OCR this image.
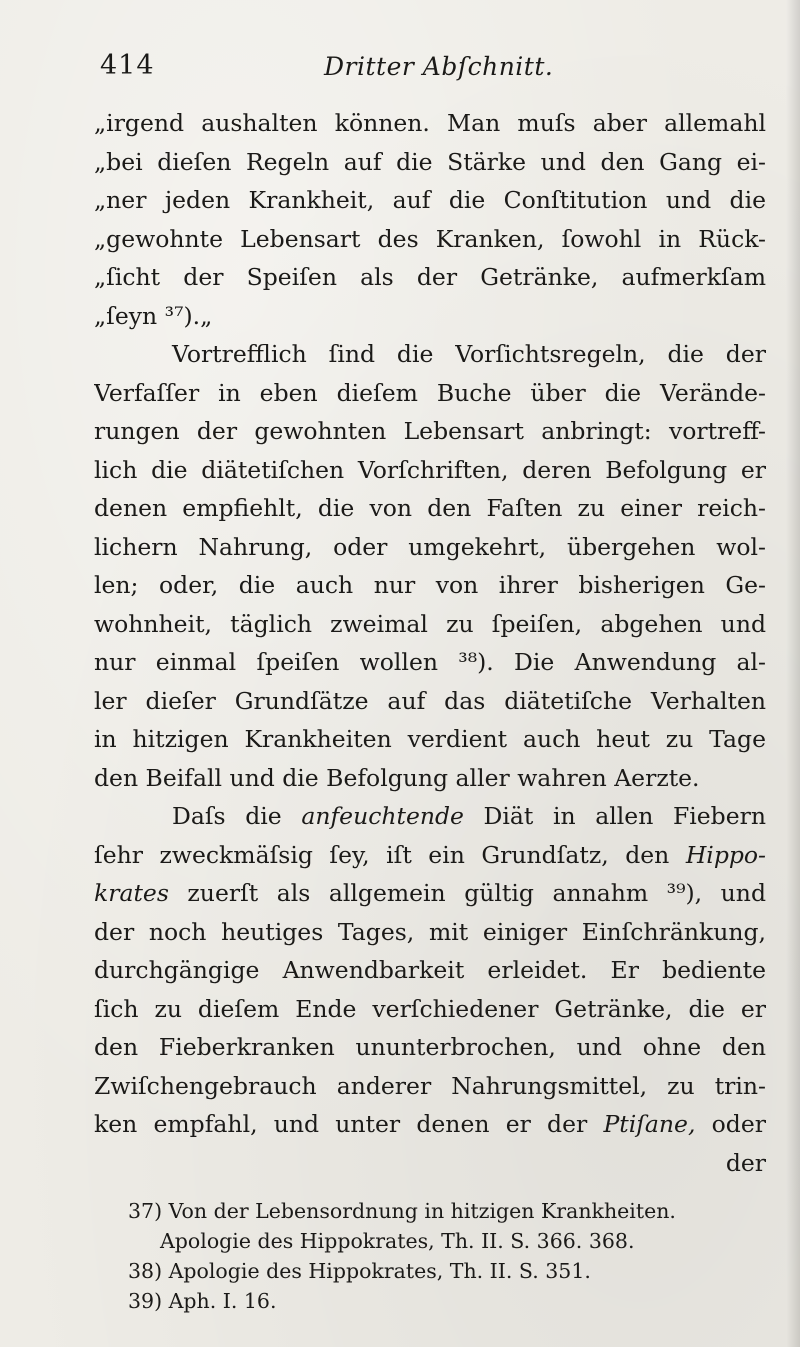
414	Dritter Abſchnitt.
„irgend aushalten können. Man muſs aber allemahl
„bei dieſen Regeln auf die Stärke und den Gang ei-
„ner jeden Krankheit, auf die Conſtitution und die
„gewohnte Lebensart des Kranken, ſowohl in Rück-
„ſicht der Speiſen als der Getränke, aufmerkſam
„ſeyn ³⁷).„
Vortrefflich ſind die Vorſichtsregeln, die der
Verfaſſer in eben dieſem Buche über die Verände-
rungen der gewohnten Lebensart anbringt: vortreff-
lich die diätetiſchen Vorſchriften, deren Befolgung er
denen empfiehlt, die von den Faſten zu einer reich-
lichern Nahrung, oder umgekehrt, übergehen wol-
len; oder, die auch nur von ihrer bisherigen Ge-
wohnheit, täglich zweimal zu ſpeiſen, abgehen und
nur einmal ſpeiſen wollen ³⁸). Die Anwendung al-
ler dieſer Grundſätze auf das diätetiſche Verhalten
in hitzigen Krankheiten verdient auch heut zu Tage
den Beifall und die Befolgung aller wahren Aerzte.
Daſs die anfeuchtende Diät in allen Fiebern
ſehr zweckmäſsig ſey, iſt ein Grundſatz, den Hippo-
krates zuerſt als allgemein gültig annahm ³⁹), und
der noch heutiges Tages, mit einiger Einſchränkung,
durchgängige Anwendbarkeit erleidet. Er bediente
ſich zu dieſem Ende verſchiedener Getränke, die er
den Fieberkranken ununterbrochen, und ohne den
Zwiſchengebrauch anderer Nahrungsmittel, zu trin-
ken empfahl, und unter denen er der Ptiſane, oder
der
37) Von der Lebensordnung in hitzigen Krankheiten.
Apologie des Hippokrates, Th. II. S. 366. 368.
38) Apologie des Hippokrates, Th. II. S. 351.
39) Aph. I. 16.
